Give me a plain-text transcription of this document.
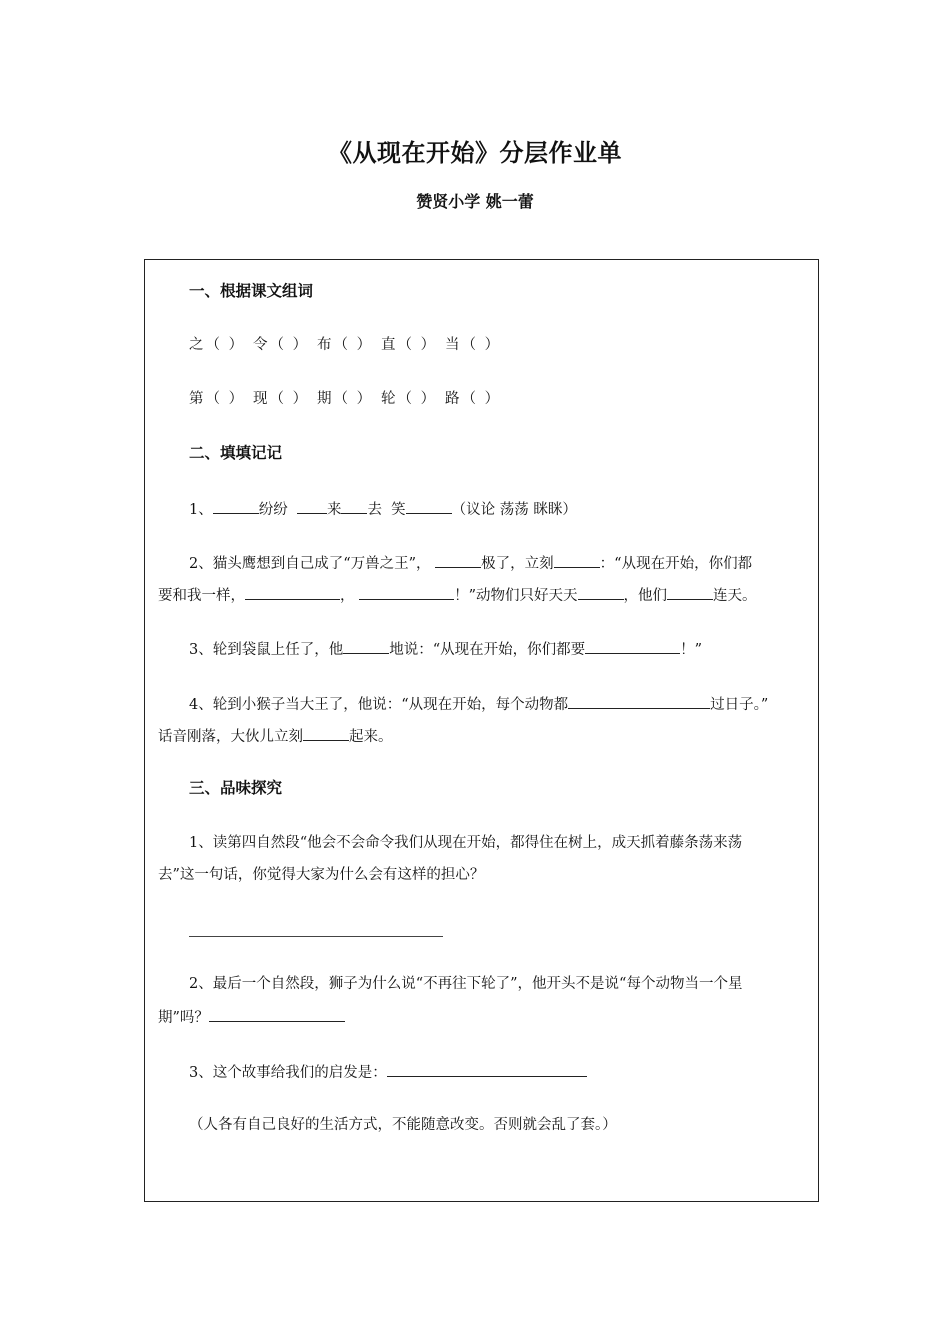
《从现在开始》分层作业单
赞贤小学 姚一蕾
一、根据课文组词
之（ ） 令（ ） 布（ ） 直（ ） 当（ ）
第（ ） 现（ ） 期（ ） 轮（ ） 路（ ）
二、填填记记
1、	纷纷	来 去 笑	（议论 荡荡 眯眯）
2、猫头鹰想到自己成了“万兽之王”，	极了，立刻	：“从现在开始，你们都
要和我一样，	，	！”动物们只好天天	，他们	连天。
3、轮到袋鼠上任了，他	地说：“从现在开始，你们都要	！”
4、轮到小猴子当大王了，他说：“从现在开始，每个动物都	过日子。”
话音刚落，大伙儿立刻	起来。
三、品味探究
1、读第四自然段“他会不会命令我们从现在开始，都得住在树上，成天抓着藤条荡来荡
去”这一句话，你觉得大家为什么会有这样的担心？
2、最后一个自然段，狮子为什么说“不再往下轮了”，他开头不是说“每个动物当一个星
期”吗？
3、这个故事给我们的启发是：
（人各有自己良好的生活方式，不能随意改变。否则就会乱了套。）
